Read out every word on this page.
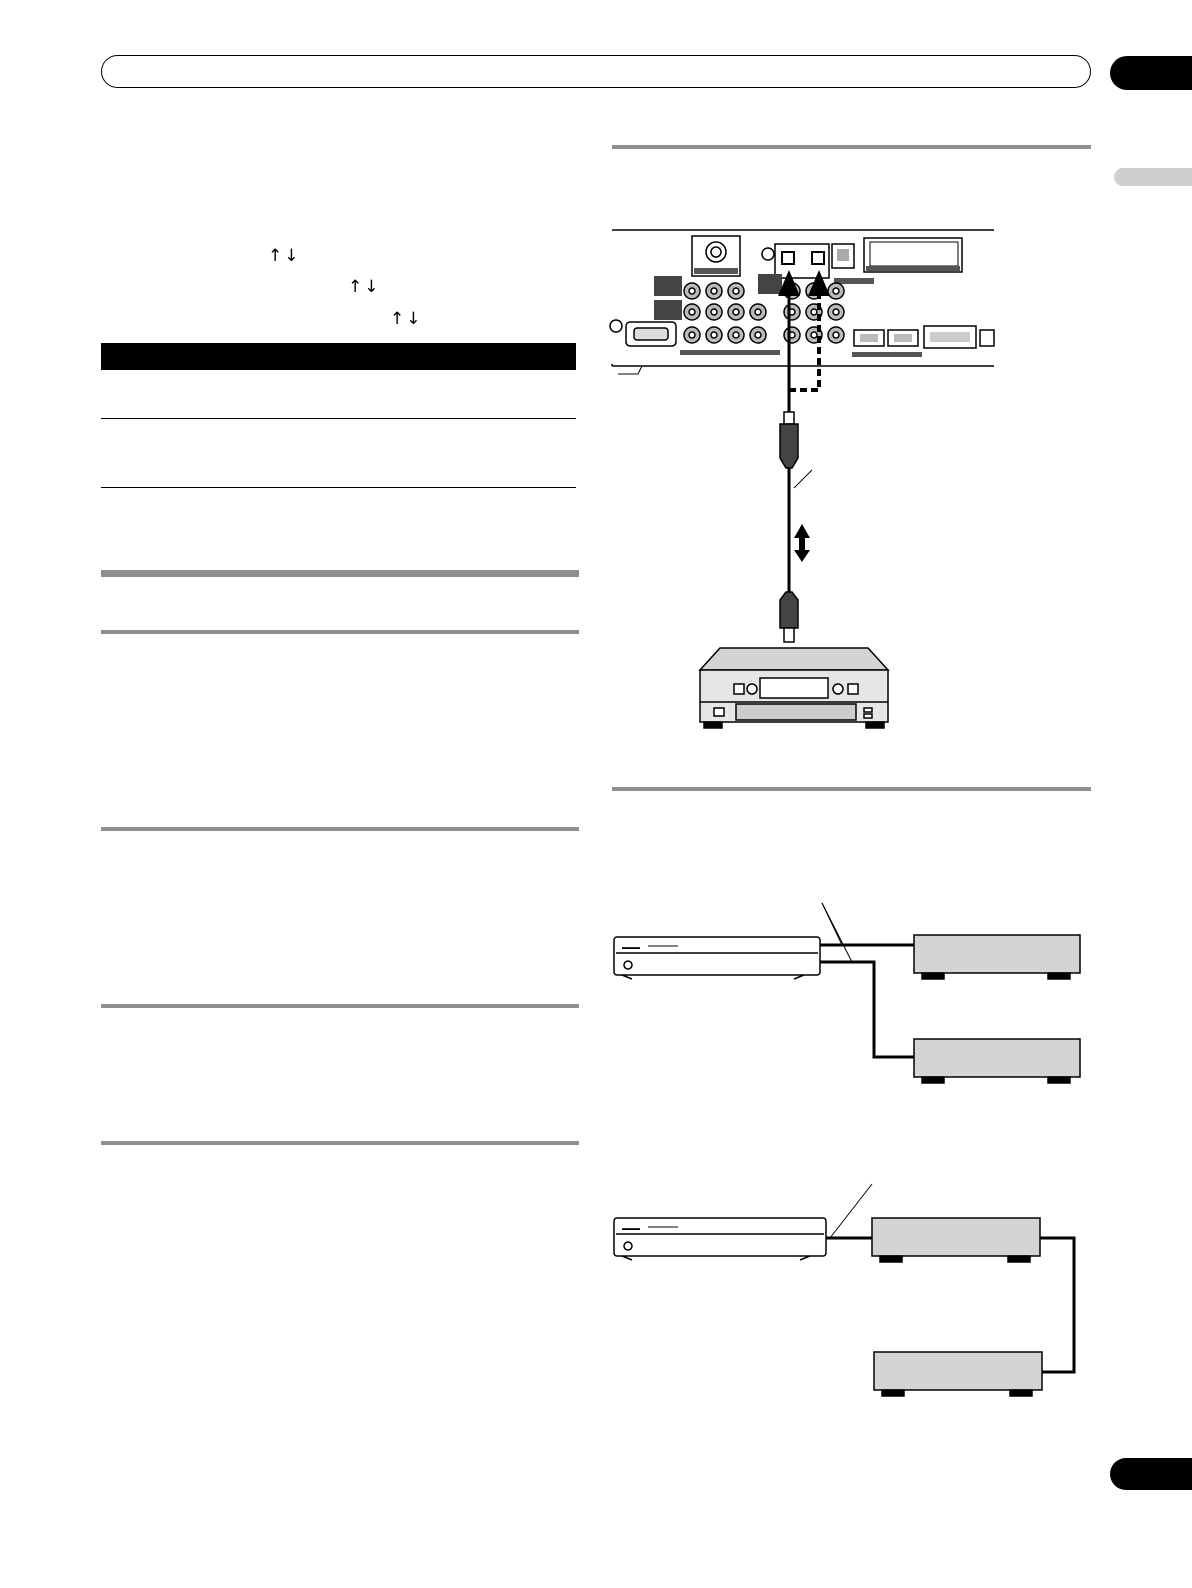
↑↓
↑↓
↑↓
▬▬▬
▬▬▬
